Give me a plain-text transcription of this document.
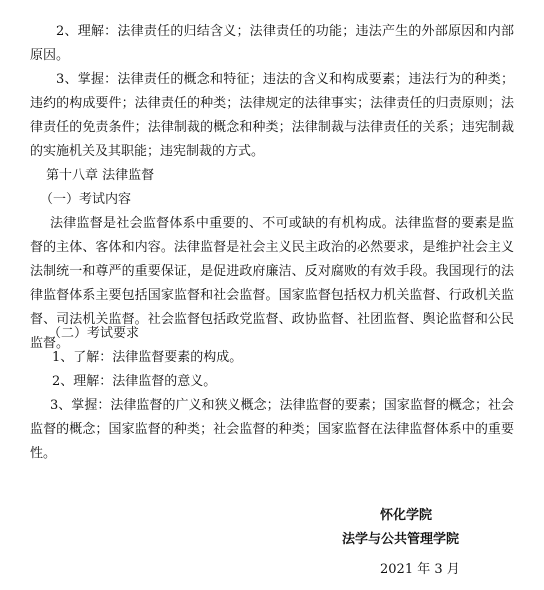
2、理解：法律责任的归结含义；法律责任的功能；违法产生的外部原因和内部原因。

3、掌握：法律责任的概念和特征；违法的含义和构成要素；违法行为的种类；违约的构成要件；法律责任的种类；法律规定的法律事实；法律责任的归责原则；法律责任的免责条件；法律制裁的概念和种类；法律制裁与法律责任的关系；违宪制裁的实施机关及其职能；违宪制裁的方式。

第十八章 法律监督

（一）考试内容

法律监督是社会监督体系中重要的、不可或缺的有机构成。法律监督的要素是监督的主体、客体和内容。法律监督是社会主义民主政治的必然要求，是维护社会主义法制统一和尊严的重要保证，是促进政府廉洁、反对腐败的有效手段。我国现行的法律监督体系主要包括国家监督和社会监督。国家监督包括权力机关监督、行政机关监督、司法机关监督。社会监督包括政党监督、政协监督、社团监督、舆论监督和公民监督。

（二）考试要求

1、了解：法律监督要素的构成。

2、理解：法律监督的意义。

3、掌握：法律监督的广义和狭义概念；法律监督的要素；国家监督的概念；社会监督的概念；国家监督的种类；社会监督的种类；国家监督在法律监督体系中的重要性。

怀化学院
法学与公共管理学院
2021 年 3 月
